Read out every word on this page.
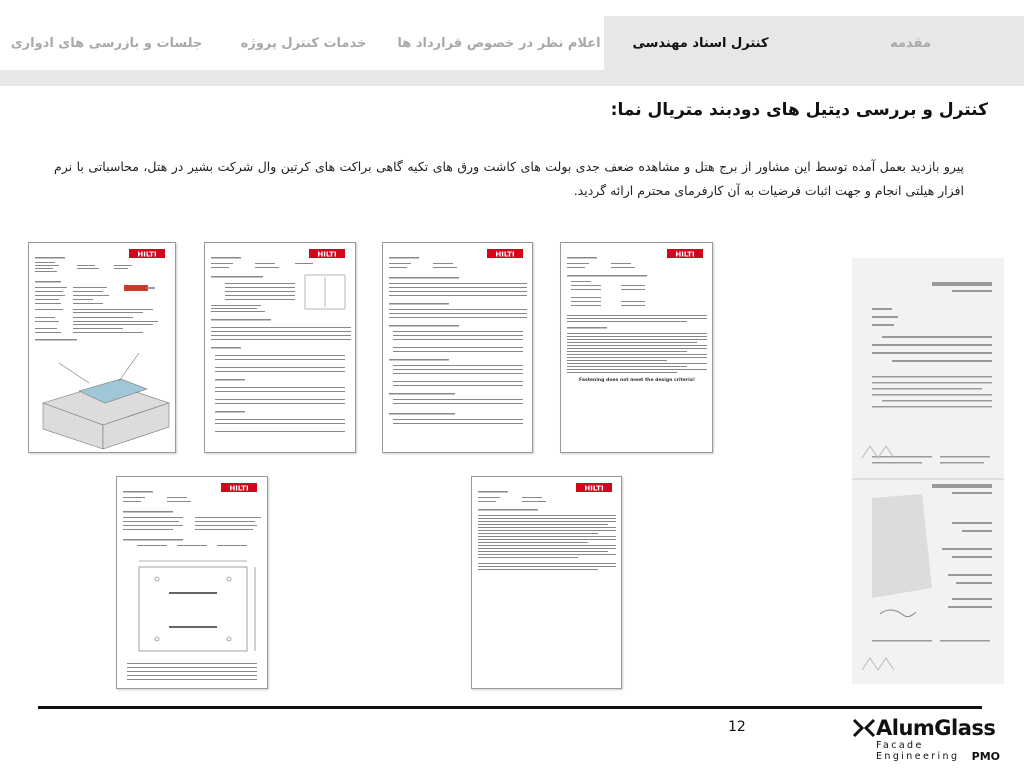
مقدمه
کنترل اسناد مهندسی
اعلام نظر در خصوص قرارداد ها
خدمات کنترل پروژه
جلسات و بازرسی های ادواری
کنترل و بررسی دیتیل های دودبند متریال نما:
پیرو بازدید بعمل آمده توسط این مشاور از برج هتل و مشاهده ضعف جدی بولت های کاشت ورق های تکیه گاهی براکت های کرتین وال شرکت بشیر در هتل، محاسباتی با نرم افزار هیلتی انجام و جهت اثبات فرضیات به آن کارفرمای محترم ارائه گردید.
HILTI	HILTI	HILTI	HILTI
Fastening does not meet the design criteria!
HILTI	HILTI
12	AlumGlass
Facade Engineering	PMO
